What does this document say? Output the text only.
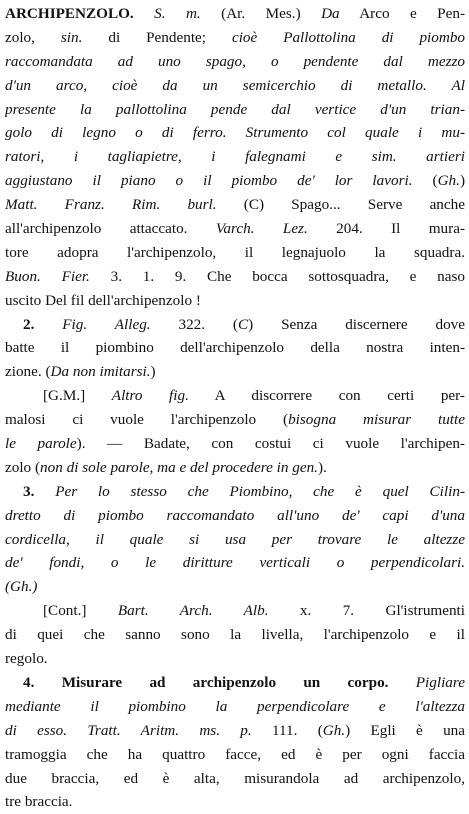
ARCHIPENZOLO. S. m. (Ar. Mes.) Da Arco e Pen-
zolo, sin. di Pendente; cioè Pallottolina di piombo
raccomandata ad uno spago, o pendente dal mezzo
d'un arco, cioè da un semicerchio di metallo. Al
presente la pallottolina pende dal vertice d'un trian-
golo di legno o di ferro. Strumento col quale i mu-
ratori, i tagliapietre, i falegnami e sim. artieri
aggiustano il piano o il piombo de' lor lavori. (Gh.)
Matt. Franz. Rim. burl. (C) Spago... Serve anche
all'archipenzolo attaccato. Varch. Lez. 204. Il mura-
tore adopra l'archipenzolo, il legnajuolo la squadra.
Buon. Fier. 3. 1. 9. Che bocca sottosquadra, e naso
uscito Del fil dell'archipenzolo !
2. Fig. Alleg. 322. (C) Senza discernere dove
batte il piombino dell'archipenzolo della nostra inten-
zione. (Da non imitarsi.)
[G.M.] Altro fig. A discorrere con certi per-
malosi ci vuole l'archipenzolo (bisogna misurar tutte
le parole). — Badate, con costui ci vuole l'archipen-
zolo (non di sole parole, ma e del procedere in gen.).
3. Per lo stesso che Piombino, che è quel Cilin-
dretto di piombo raccomandato all'uno de' capi d'una
cordicella, il quale si usa per trovare le altezze
de' fondi, o le diritture verticali o perpendicolari.
(Gh.)
[Cont.] Bart. Arch. Alb. x. 7. Gl'istrumenti
di quei che sanno sono la livella, l'archipenzolo e il
regolo.
4. Misurare ad archipenzolo un corpo. Pigliare
mediante il piombino la perpendicolare e l'altezza
di esso. Tratt. Aritm. ms. p. 111. (Gh.) Egli è una
tramoggia che ha quattro facce, ed è per ogni faccia
due braccia, ed è alta, misurandola ad archipenzolo,
tre braccia.
